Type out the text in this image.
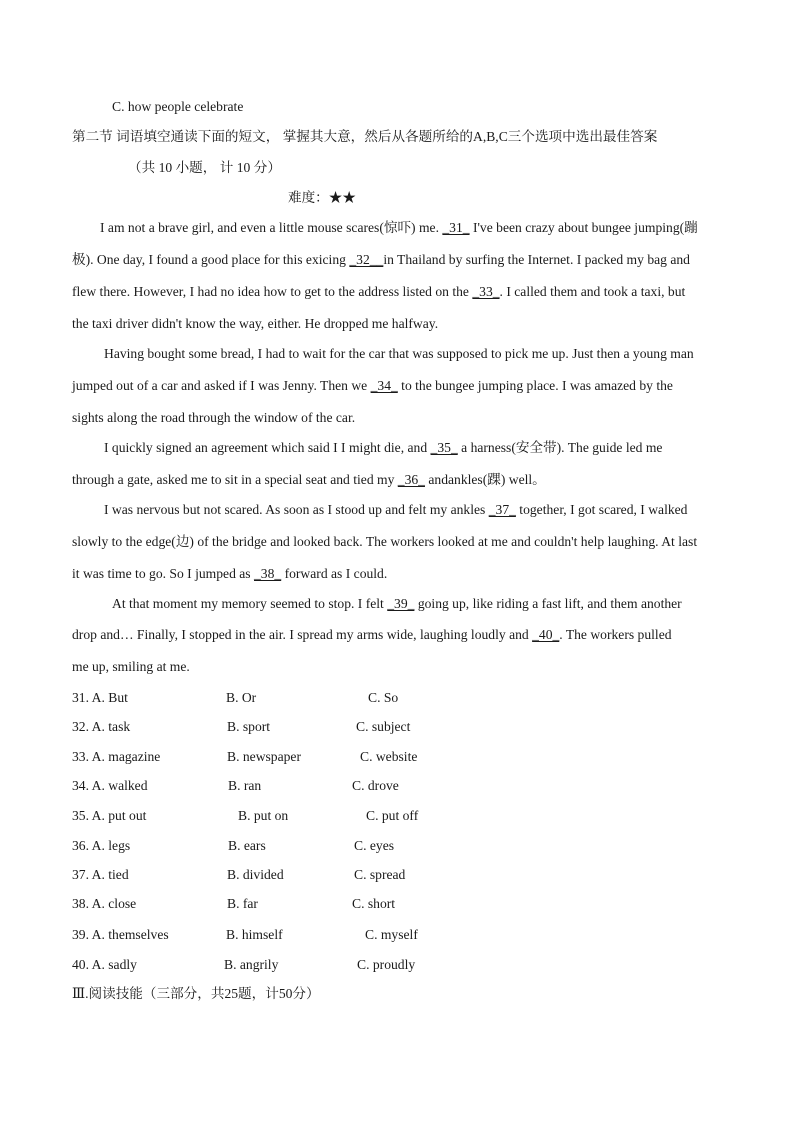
C. how people celebrate
第二节 词语填空通读下面的短文， 掌握其大意，然后从各题所给的A,B,C三个选项中选出最佳答案
（共 10 小题， 计 10 分）
难度：★★
I am not a brave girl, and even a little mouse scares(惊吓) me. _31_ I've been crazy about bungee jumping(蹦
极). One day, I found a good place for this exicing _32__in Thailand by surfing the Internet. I packed my bag and
flew there. However, I had no idea how to get to the address listed on the _33_. I called them and took a taxi, but
the taxi driver didn't know the way, either. He dropped me halfway.
Having bought some bread, I had to wait for the car that was supposed to pick me up. Just then a young man
jumped out of a car and asked if I was Jenny. Then we _34_ to the bungee jumping place. I was amazed by the
sights along the road through the window of the car.
I quickly signed an agreement which said I I might die, and _35_ a harness(安全带). The guide led me
through a gate, asked me to sit in a special seat and tied my _36_ andankles(踝) well。
I was nervous but not scared. As soon as I stood up and felt my ankles _37_ together, I got scared, I walked
slowly to the edge(边) of the bridge and looked back. The workers looked at me and couldn't help laughing. At last
it was time to go. So I jumped as _38_ forward as I could.
At that moment my memory seemed to stop. I felt _39_ going up, like riding a fast lift, and them another
drop and… Finally, I stopped in the air. I spread my arms wide, laughing loudly and _40_. The workers pulled
me up, smiling at me.
31. A. But	B. Or	C. So
32. A. task	B. sport	C. subject
33. A. magazine	B. newspaper	C. website
34. A. walked	B. ran	C. drove
35. A. put out	B. put on	C. put off
36. A. legs	B. ears	C. eyes
37. A. tied	B. divided	C. spread
38. A. close	B. far	C. short
39. A. themselves	B. himself	C. myself
40. A. sadly	B. angrily	C. proudly
Ⅲ.阅读技能（三部分，共25题，计50分）
